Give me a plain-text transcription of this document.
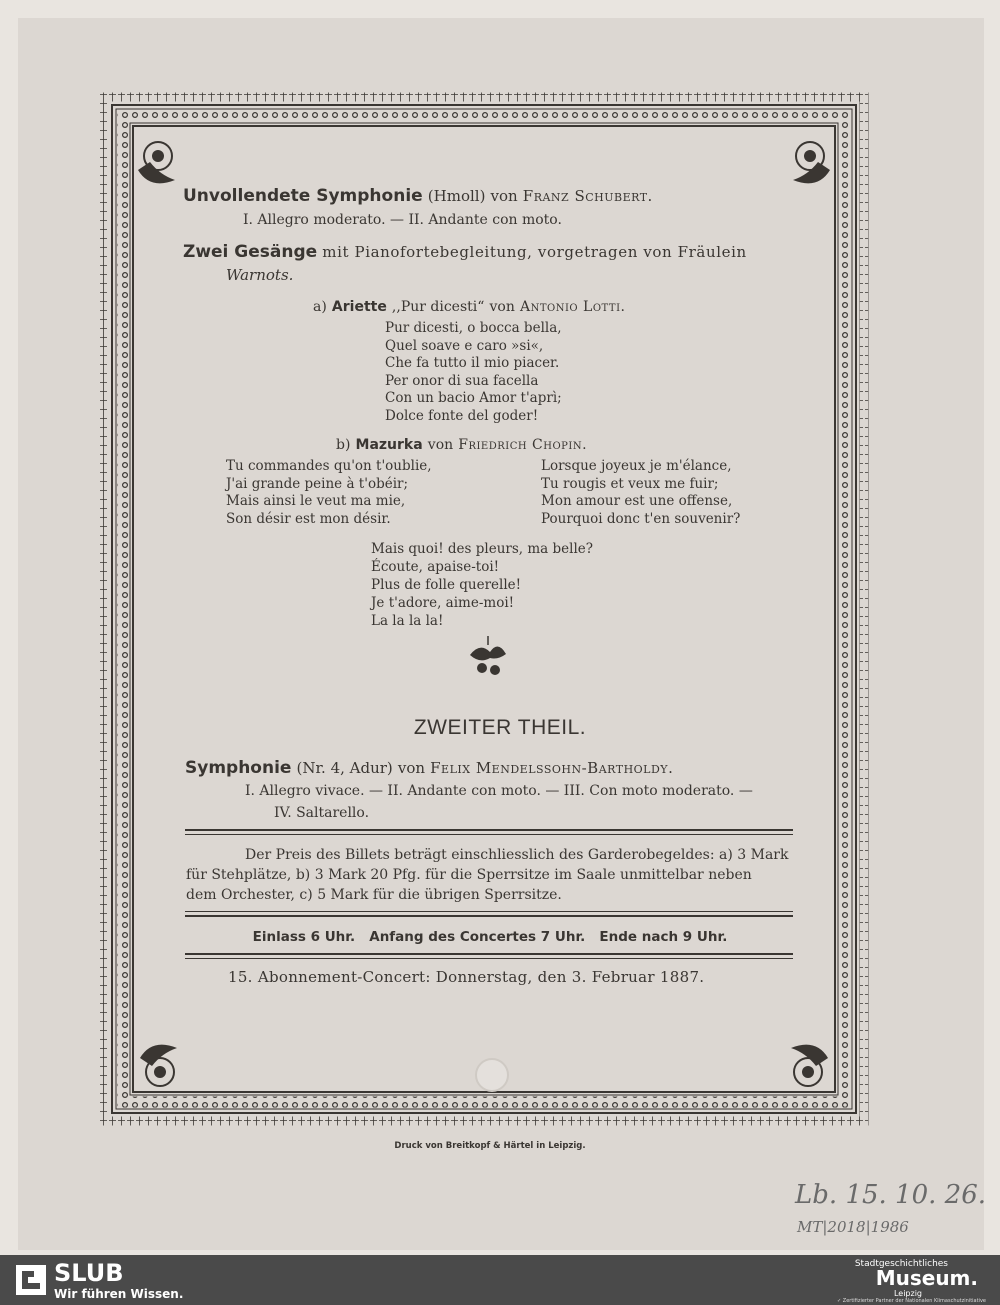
Unvollendete Symphonie (Hmoll) von Franz Schubert.
I. Allegro moderato. — II. Andante con moto.
Zwei Gesänge mit Pianofortebegleitung, vorgetragen von Fräulein
Warnots.
a) Ariette ,,Pur dicesti“ von Antonio Lotti.
Pur dicesti, o bocca bella,
Quel soave e caro »si«,
Che fa tutto il mio piacer.
Per onor di sua facella
Con un bacio Amor t'aprì;
Dolce fonte del goder!
b) Mazurka von Friedrich Chopin.
Tu commandes qu'on t'oublie,
J'ai grande peine à t'obéir;
Mais ainsi le veut ma mie,
Son désir est mon désir.
Lorsque joyeux je m'élance,
Tu rougis et veux me fuir;
Mon amour est une offense,
Pourquoi donc t'en souvenir?
Mais quoi! des pleurs, ma belle?
Écoute, apaise-toi!
Plus de folle querelle!
Je t'adore, aime-moi!
La la la la!
ZWEITER THEIL.
Symphonie (Nr. 4, Adur) von Felix Mendelssohn-Bartholdy.
I. Allegro vivace. — II. Andante con moto. — III. Con moto moderato. —
IV. Saltarello.
Der Preis des Billets beträgt einschliesslich des Garderobegeldes: a) 3 Mark
für Stehplätze, b) 3 Mark 20 Pfg. für die Sperrsitze im Saale unmittelbar neben
dem Orchester, c) 5 Mark für die übrigen Sperrsitze.
Einlass 6 Uhr.   Anfang des Concertes 7 Uhr.   Ende nach 9 Uhr.
15. Abonnement-Concert: Donnerstag, den 3. Februar 1887.
Druck von Breitkopf & Härtel in Leipzig.
Lb. 15. 10. 26.
MT|2018|1986
SLUB
Wir führen Wissen.
Stadtgeschichtliches
Museum.
Leipzig
✓ Zertifizierter Partner der Nationalen Klimaschutzinitiative
